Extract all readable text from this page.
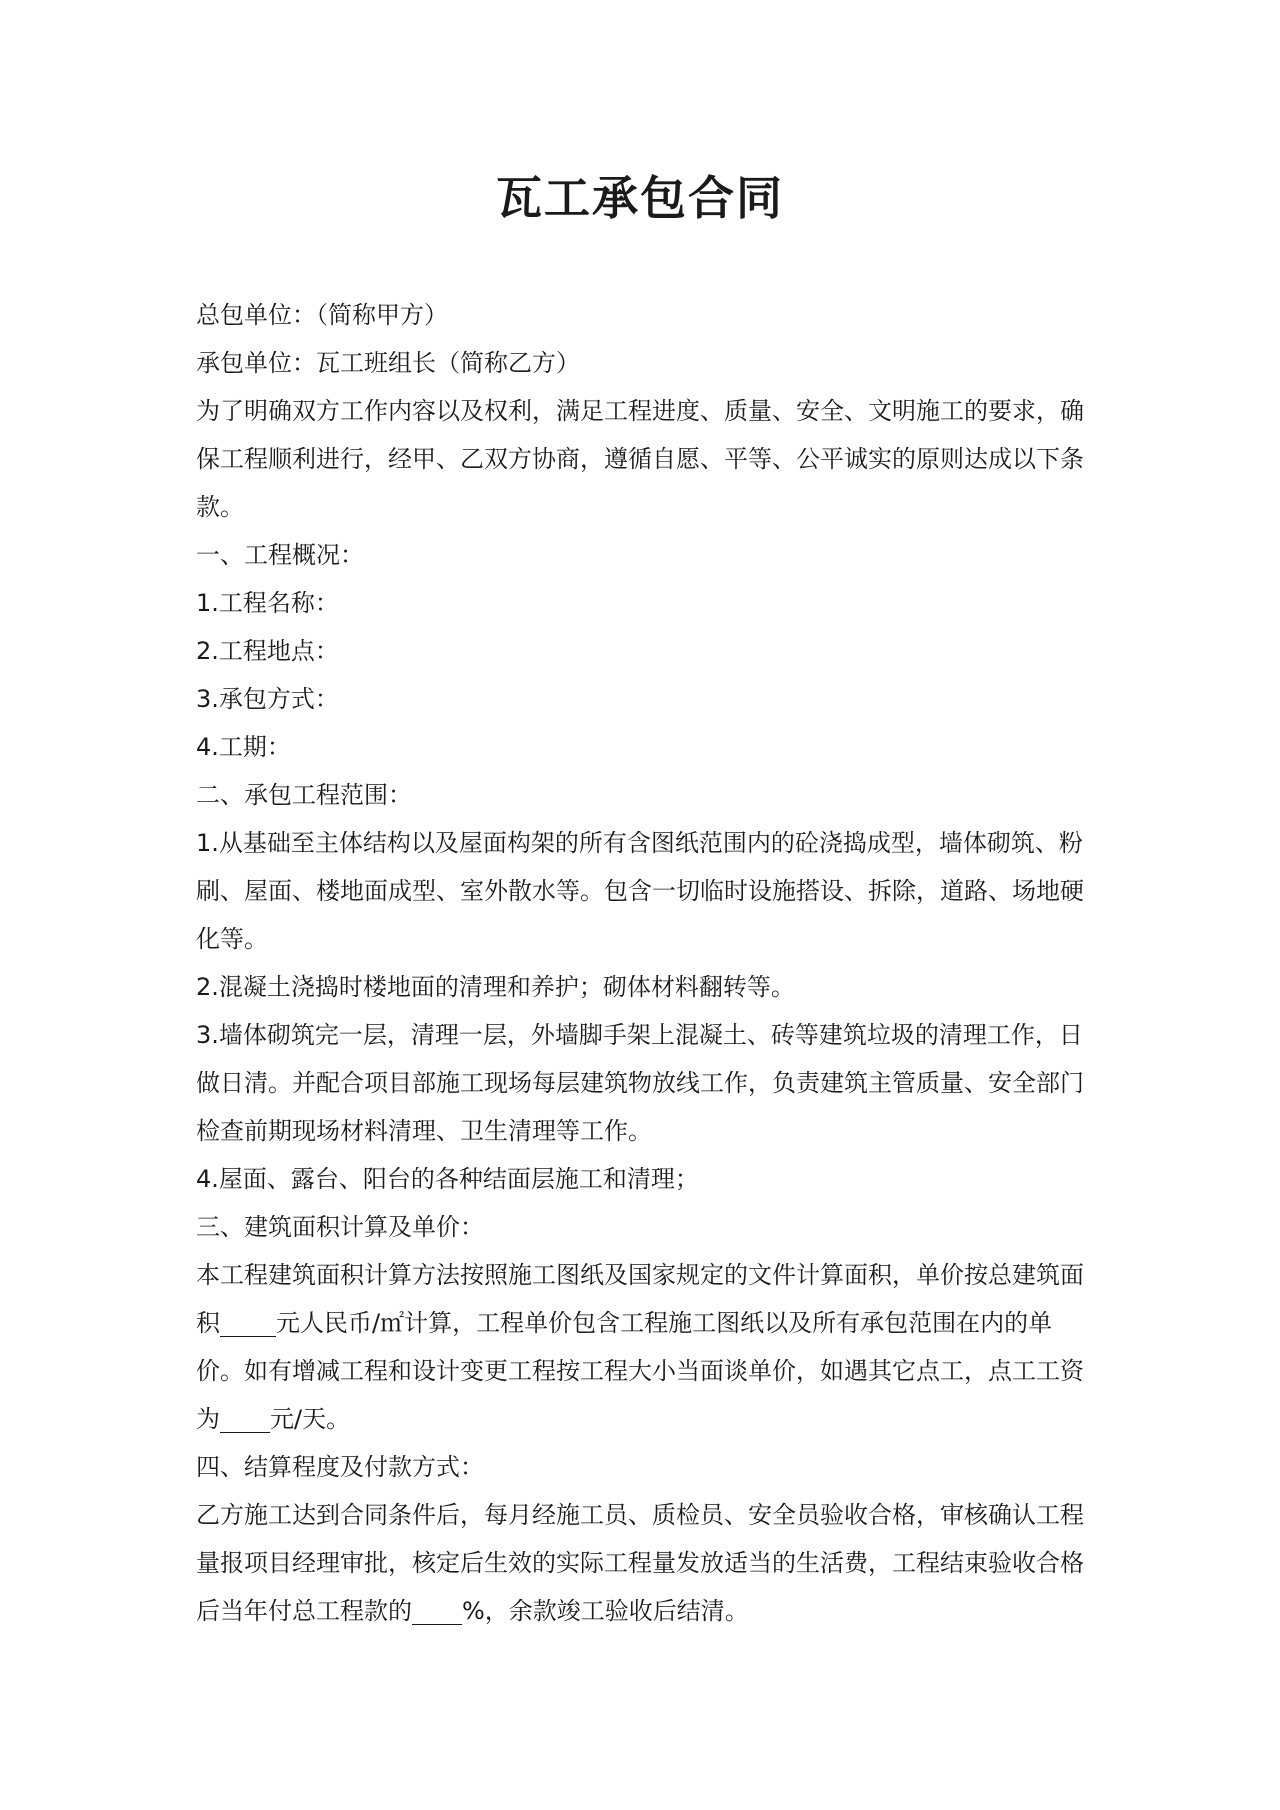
瓦工承包合同

总包单位：（简称甲方）

承包单位：瓦工班组长（简称乙方）

为了明确双方工作内容以及权利，满足工程进度、质量、安全、文明施工的要求，确保工程顺利进行，经甲、乙双方协商，遵循自愿、平等、公平诚实的原则达成以下条款。

一、工程概况：

1.工程名称：

2.工程地点：

3.承包方式：

4.工期：

二、承包工程范围：

1.从基础至主体结构以及屋面构架的所有含图纸范围内的砼浇捣成型，墙体砌筑、粉刷、屋面、楼地面成型、室外散水等。包含一切临时设施搭设、拆除，道路、场地硬化等。

2.混凝土浇捣时楼地面的清理和养护；砌体材料翻转等。

3.墙体砌筑完一层，清理一层，外墙脚手架上混凝土、砖等建筑垃圾的清理工作，日做日清。并配合项目部施工现场每层建筑物放线工作，负责建筑主管质量、安全部门检查前期现场材料清理、卫生清理等工作。

4.屋面、露台、阳台的各种结面层施工和清理；

三、建筑面积计算及单价：

本工程建筑面积计算方法按照施工图纸及国家规定的文件计算面积，单价按总建筑面积 元人民币/㎡计算，工程单价包含工程施工图纸以及所有承包范围在内的单价。如有增减工程和设计变更工程按工程大小当面谈单价，如遇其它点工，点工工资为 元/天。

四、结算程度及付款方式：

乙方施工达到合同条件后，每月经施工员、质检员、安全员验收合格，审核确认工程量报项目经理审批，核定后生效的实际工程量发放适当的生活费，工程结束验收合格后当年付总工程款的 %，余款竣工验收后结清。
